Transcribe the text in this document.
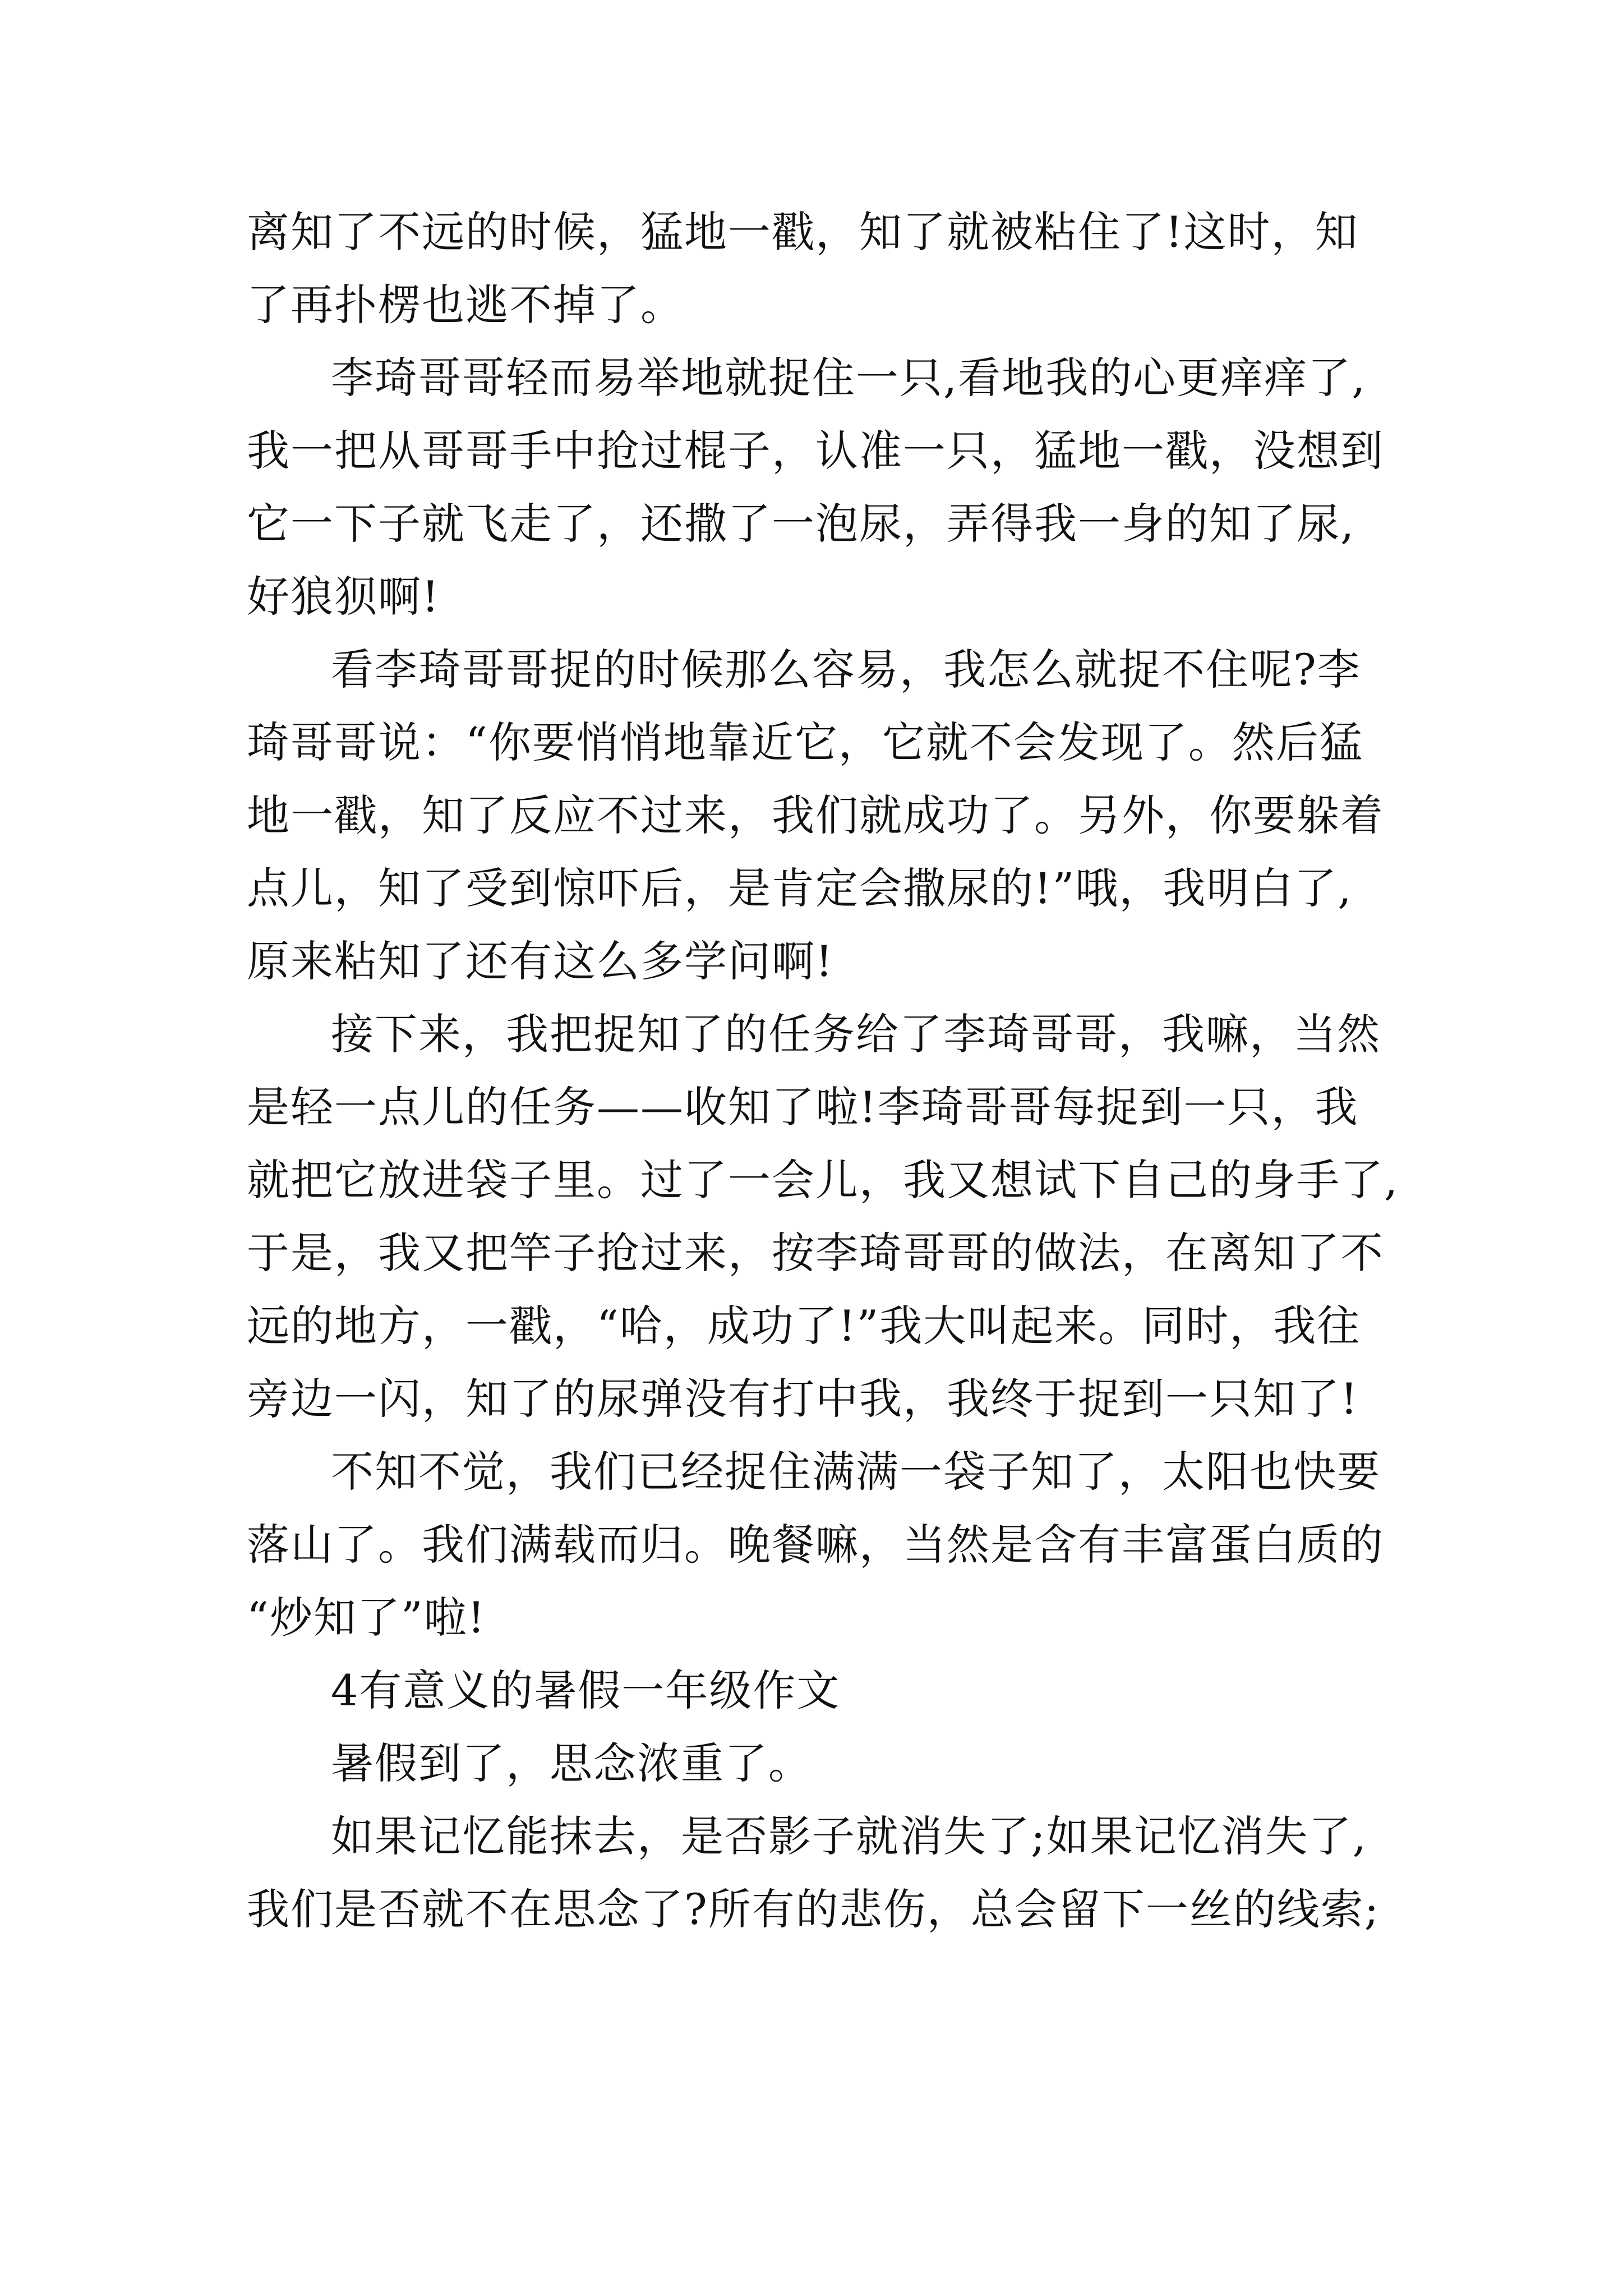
离知了不远的时候，猛地一戳，知了就被粘住了!这时，知
了再扑楞也逃不掉了。
李琦哥哥轻而易举地就捉住一只,看地我的心更痒痒了,
我一把从哥哥手中抢过棍子，认准一只，猛地一戳，没想到
它一下子就飞走了，还撒了一泡尿，弄得我一身的知了尿,
好狼狈啊!
看李琦哥哥捉的时候那么容易，我怎么就捉不住呢?李
琦哥哥说：“你要悄悄地靠近它，它就不会发现了。然后猛
地一戳，知了反应不过来，我们就成功了。另外，你要躲着
点儿，知了受到惊吓后，是肯定会撒尿的!”哦，我明白了,
原来粘知了还有这么多学问啊!
接下来，我把捉知了的任务给了李琦哥哥，我嘛，当然
是轻一点儿的任务——收知了啦!李琦哥哥每捉到一只，我
就把它放进袋子里。过了一会儿，我又想试下自己的身手了,
于是，我又把竿子抢过来，按李琦哥哥的做法，在离知了不
远的地方，一戳，“哈，成功了!”我大叫起来。同时，我往
旁边一闪，知了的尿弹没有打中我，我终于捉到一只知了!
不知不觉，我们已经捉住满满一袋子知了，太阳也快要
落山了。我们满载而归。晚餐嘛，当然是含有丰富蛋白质的
“炒知了”啦!
4有意义的暑假一年级作文
暑假到了，思念浓重了。
如果记忆能抹去，是否影子就消失了;如果记忆消失了,
我们是否就不在思念了?所有的悲伤，总会留下一丝的线索;
